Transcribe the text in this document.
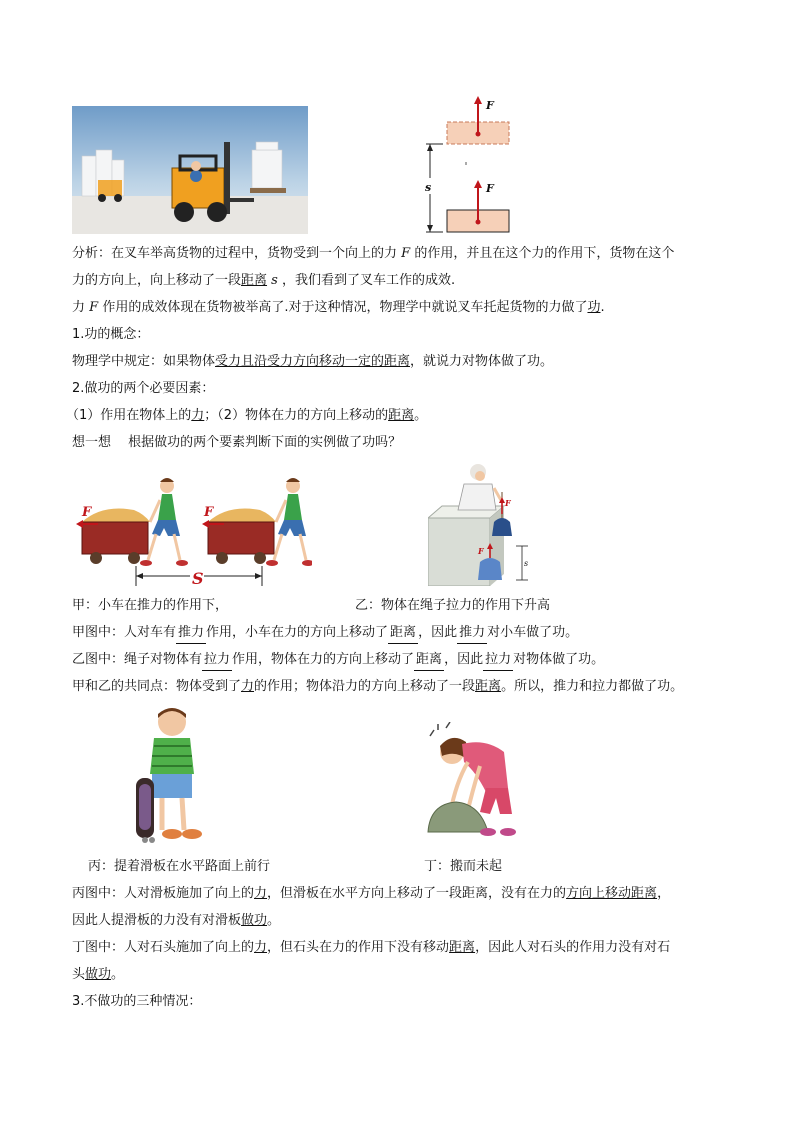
s
F
F
分析：在叉车举高货物的过程中，货物受到一个向上的力 F 的作用，并且在这个力的作用下，货物在这个
力的方向上，向上移动了一段距离 s ，我们看到了叉车工作的成效.
力 F 作用的成效体现在货物被举高了.对于这种情况，物理学中就说叉车托起货物的力做了功.
1.功的概念：
物理学中规定：如果物体受力且沿受力方向移动一定的距离，就说力对物体做了功。
2.做功的两个必要因素：
（1）作用在物体上的力；（2）物体在力的方向上移动的距离。
想一想　 根据做功的两个要素判断下面的实例做了功吗？
F	F
S
F
F
s
甲：小车在推力的作用下，	乙：物体在绳子拉力的作用下升高
甲图中：人对车有 推力 作用，小车在力的方向上移动了 距离 ，因此 推力 对小车做了功。
乙图中：绳子对物体有 拉力 作用，物体在力的方向上移动了 距离 ，因此 拉力 对物体做了功。
甲和乙的共同点：物体受到了力的作用；物体沿力的方向上移动了一段距离。所以，推力和拉力都做了功。
丙：提着滑板在水平路面上前行	丁：搬而未起
丙图中：人对滑板施加了向上的力，但滑板在水平方向上移动了一段距离，没有在力的方向上移动距离，
因此人提滑板的力没有对滑板做功。
丁图中：人对石头施加了向上的力，但石头在力的作用下没有移动距离，因此人对石头的作用力没有对石
头做功。
3.不做功的三种情况：
